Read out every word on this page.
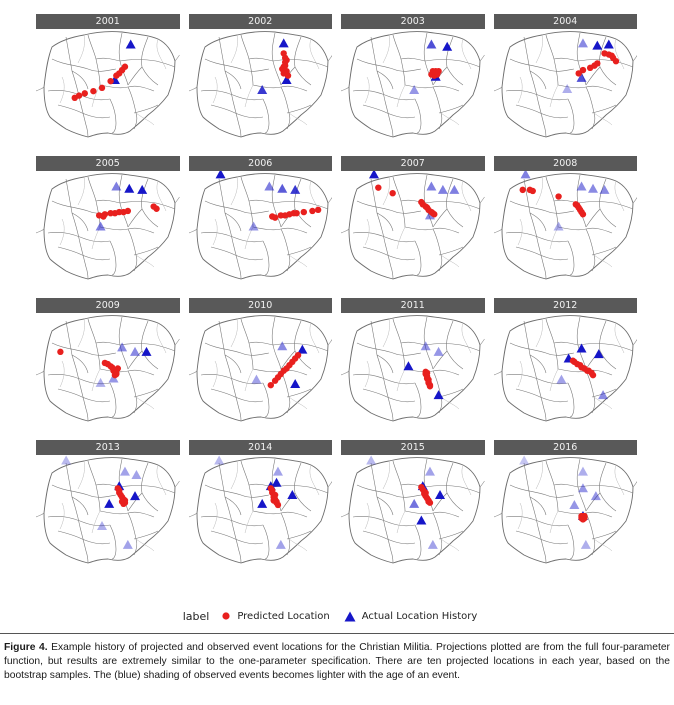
2001	2002	2003	2004
2005	2006	2007	2008
2009	2010	2011	2012
2013	2014	2015	2016
label	Predicted Location	Actual Location History
Figure 4. Example history of projected and observed event locations for the Christian Militia. Projections plotted are from the full four-parameter function, but results are extremely similar to the one-parameter specification. There are ten projected locations in each year, based on the bootstrap samples. The (blue) shading of observed events becomes lighter with the age of an event.
